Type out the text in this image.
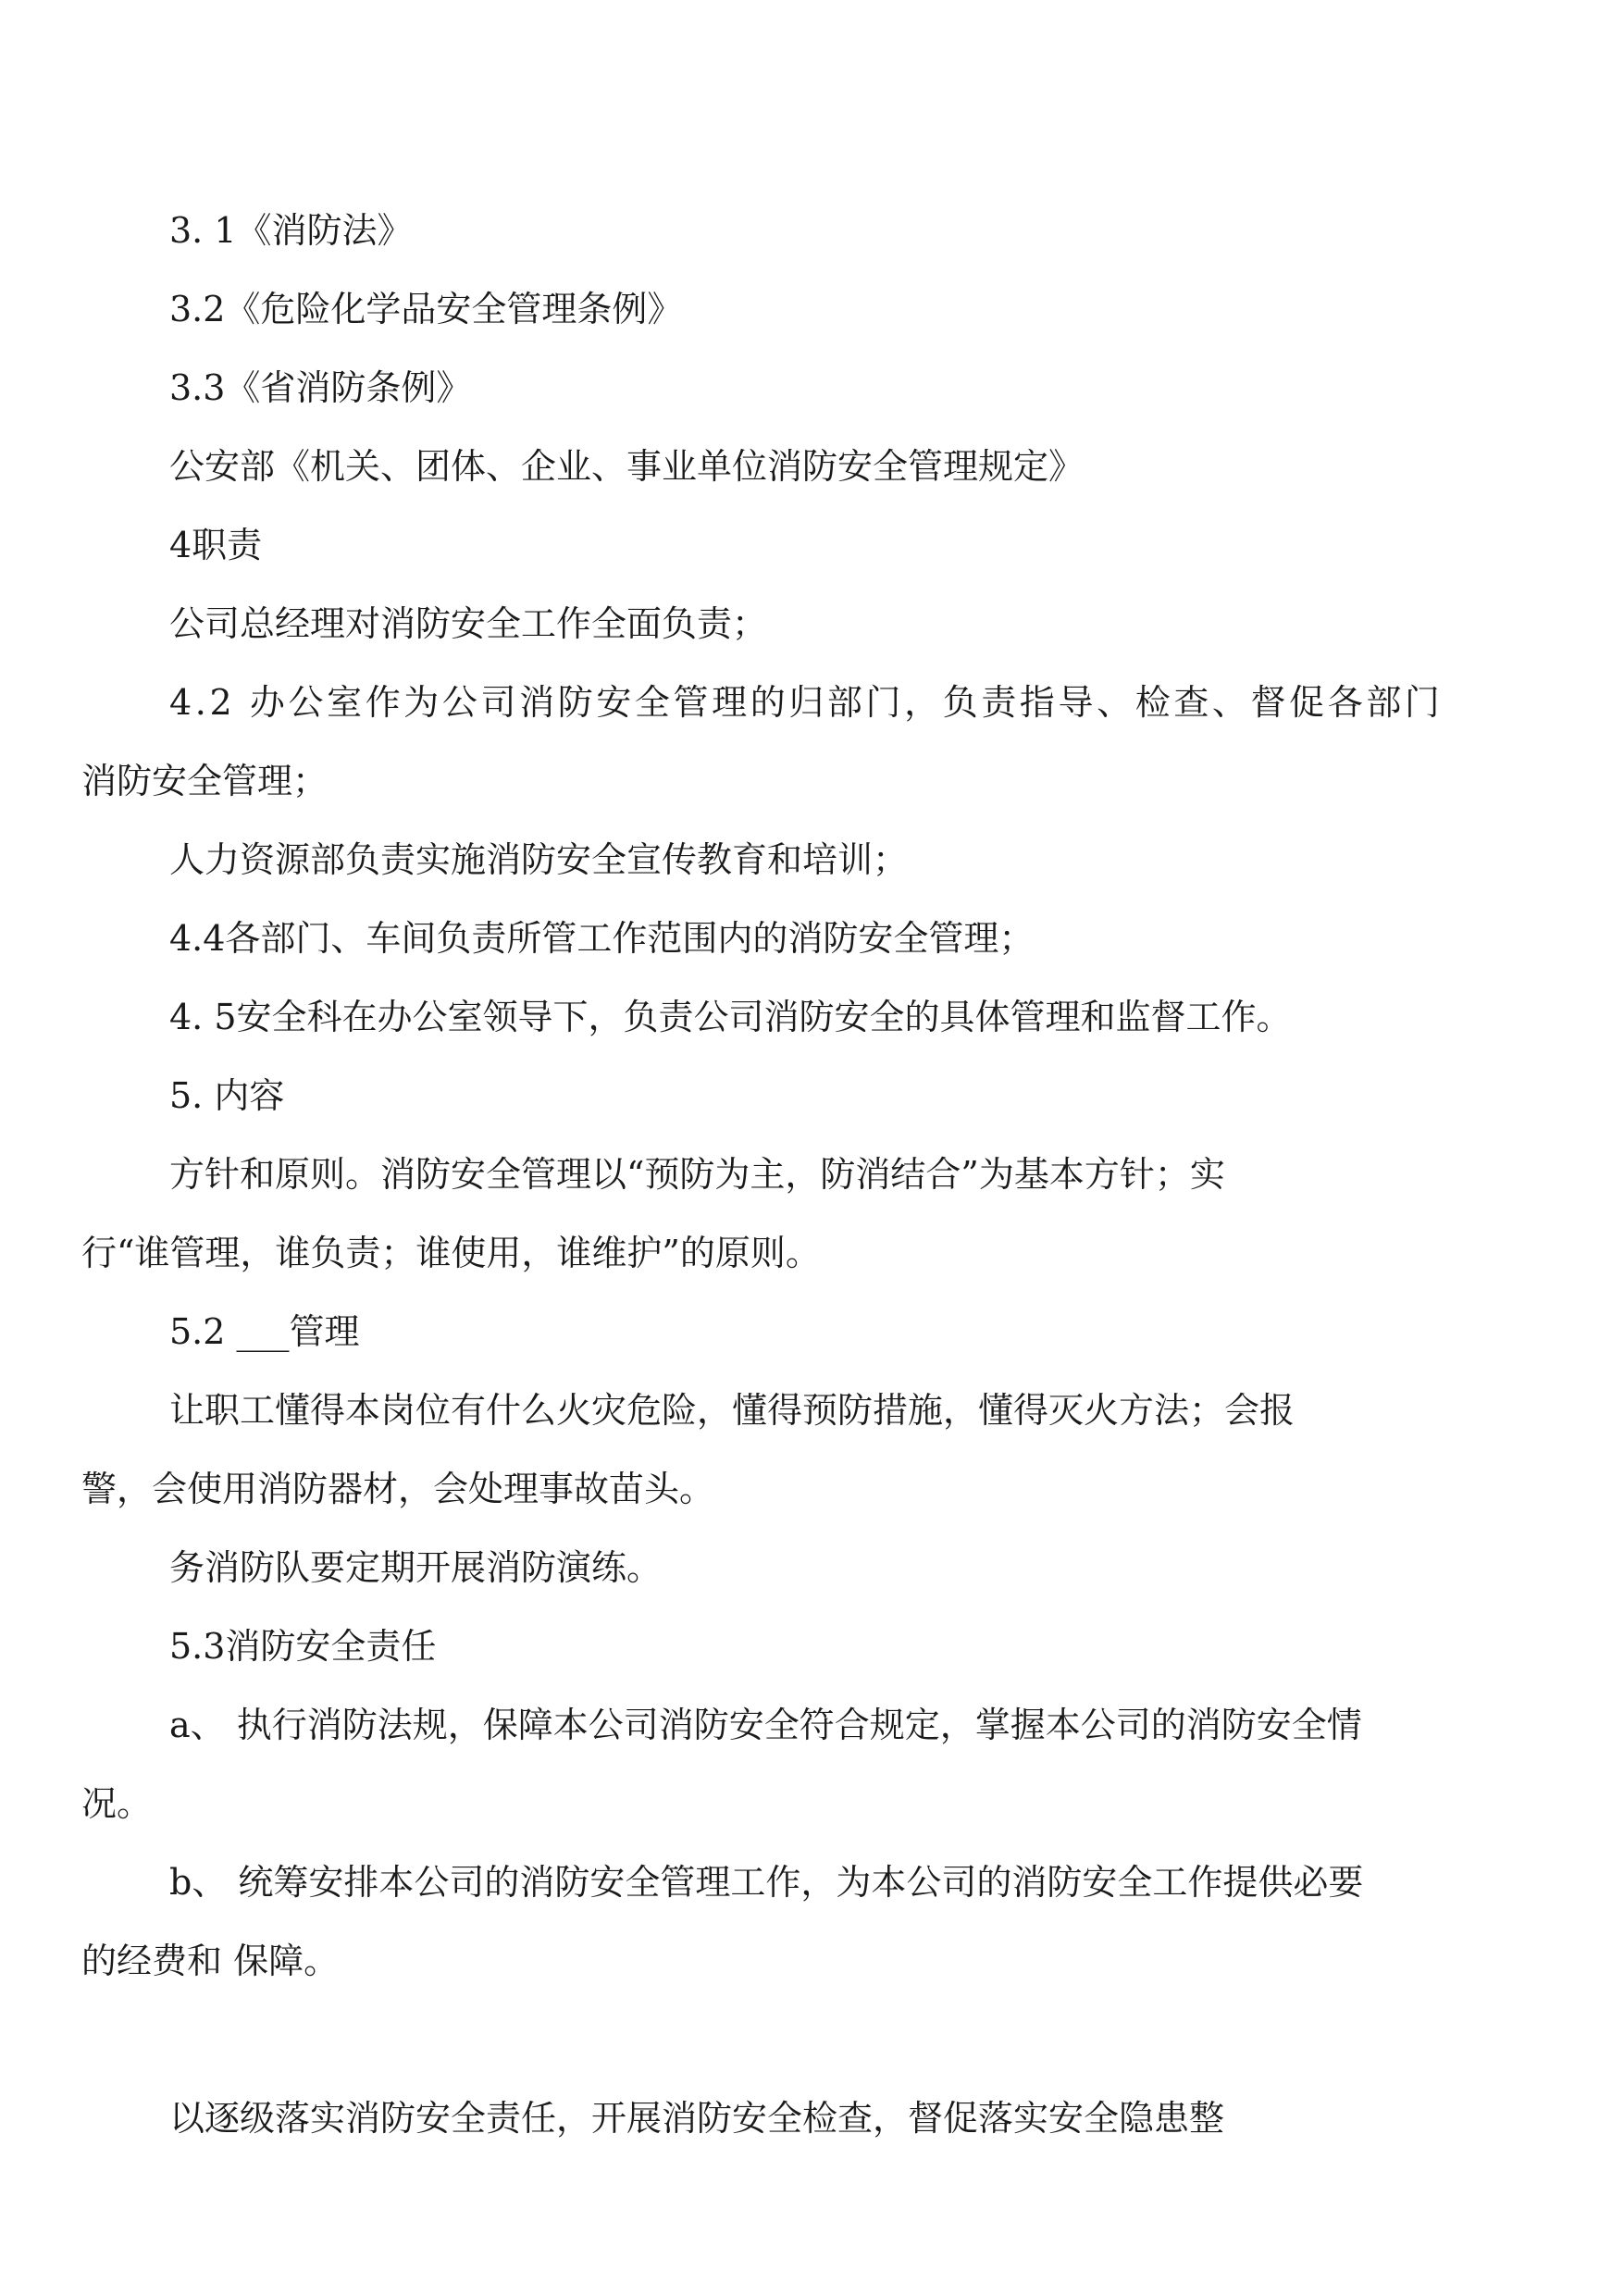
3. 1《消防法》
3.2《危险化学品安全管理条例》
3.3《省消防条例》
公安部《机关、团体、企业、事业单位消防安全管理规定》
4职责
公司总经理对消防安全工作全面负责；
4.2 办公室作为公司消防安全管理的归部门，负责指导、检查、督促各部门
消防安全管理；
人力资源部负责实施消防安全宣传教育和培训；
4.4各部门、车间负责所管工作范围内的消防安全管理；
4. 5安全科在办公室领导下，负责公司消防安全的具体管理和监督工作。
5. 内容
方针和原则。消防安全管理以“预防为主，防消结合”为基本方针；实
行“谁管理，谁负责；谁使用，谁维护”的原则。
5.2 ___管理
让职工懂得本岗位有什么火灾危险，懂得预防措施，懂得灭火方法；会报
警，会使用消防器材，会处理事故苗头。
务消防队要定期开展消防演练。
5.3消防安全责任
a、 执行消防法规，保障本公司消防安全符合规定，掌握本公司的消防安全情
况。
b、 统筹安排本公司的消防安全管理工作，为本公司的消防安全工作提供必要
的经费和 保障。
以逐级落实消防安全责任，开展消防安全检查，督促落实安全隐患整
